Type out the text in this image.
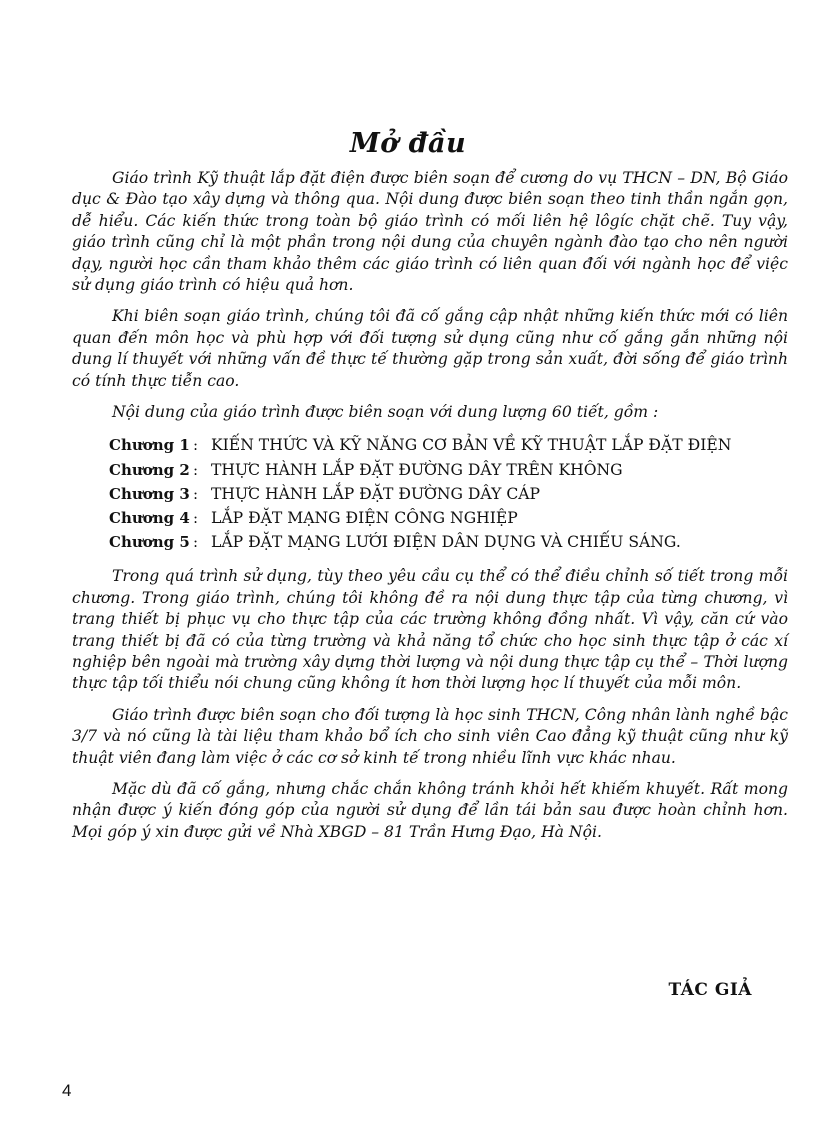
Mở đầu

Giáo trình Kỹ thuật lắp đặt điện được biên soạn để cương do vụ THCN – DN, Bộ Giáo dục & Đào tạo xây dựng và thông qua. Nội dung được biên soạn theo tinh thần ngắn gọn, dễ hiểu. Các kiến thức trong toàn bộ giáo trình có mối liên hệ lôgíc chặt chẽ. Tuy vậy, giáo trình cũng chỉ là một phần trong nội dung của chuyên ngành đào tạo cho nên người dạy, người học cần tham khảo thêm các giáo trình có liên quan đối với ngành học để việc sử dụng giáo trình có hiệu quả hơn.

Khi biên soạn giáo trình, chúng tôi đã cố gắng cập nhật những kiến thức mới có liên quan đến môn học và phù hợp với đối tượng sử dụng cũng như cố gắng gắn những nội dung lí thuyết với những vấn đề thực tế thường gặp trong sản xuất, đời sống để giáo trình có tính thực tiễn cao.

Nội dung của giáo trình được biên soạn với dung lượng 60 tiết, gồm :

Chương 1 : KIẾN THỨC VÀ KỸ NĂNG CƠ BẢN VỀ KỸ THUẬT LẮP ĐẶT ĐIỆN
Chương 2 : THỰC HÀNH LẮP ĐẶT ĐƯỜNG DÂY TRÊN KHÔNG
Chương 3 : THỰC HÀNH LẮP ĐẶT ĐƯỜNG DÂY CÁP
Chương 4 : LẮP ĐẶT MẠNG ĐIỆN CÔNG NGHIỆP
Chương 5 : LẮP ĐẶT MẠNG LƯỚI ĐIỆN DÂN DỤNG VÀ CHIẾU SÁNG.

Trong quá trình sử dụng, tùy theo yêu cầu cụ thể có thể điều chỉnh số tiết trong mỗi chương. Trong giáo trình, chúng tôi không đề ra nội dung thực tập của từng chương, vì trang thiết bị phục vụ cho thực tập của các trường không đồng nhất. Vì vậy, căn cứ vào trang thiết bị đã có của từng trường và khả năng tổ chức cho học sinh thực tập ở các xí nghiệp bên ngoài mà trường xây dựng thời lượng và nội dung thực tập cụ thể – Thời lượng thực tập tối thiểu nói chung cũng không ít hơn thời lượng học lí thuyết của mỗi môn.

Giáo trình được biên soạn cho đối tượng là học sinh THCN, Công nhân lành nghề bậc 3/7 và nó cũng là tài liệu tham khảo bổ ích cho sinh viên Cao đẳng kỹ thuật cũng như kỹ thuật viên đang làm việc ở các cơ sở kinh tế trong nhiều lĩnh vực khác nhau.

Mặc dù đã cố gắng, nhưng chắc chắn không tránh khỏi hết khiếm khuyết. Rất mong nhận được ý kiến đóng góp của người sử dụng để lần tái bản sau được hoàn chỉnh hơn. Mọi góp ý xin được gửi về Nhà XBGD – 81 Trần Hưng Đạo, Hà Nội.

TÁC GIẢ
4
